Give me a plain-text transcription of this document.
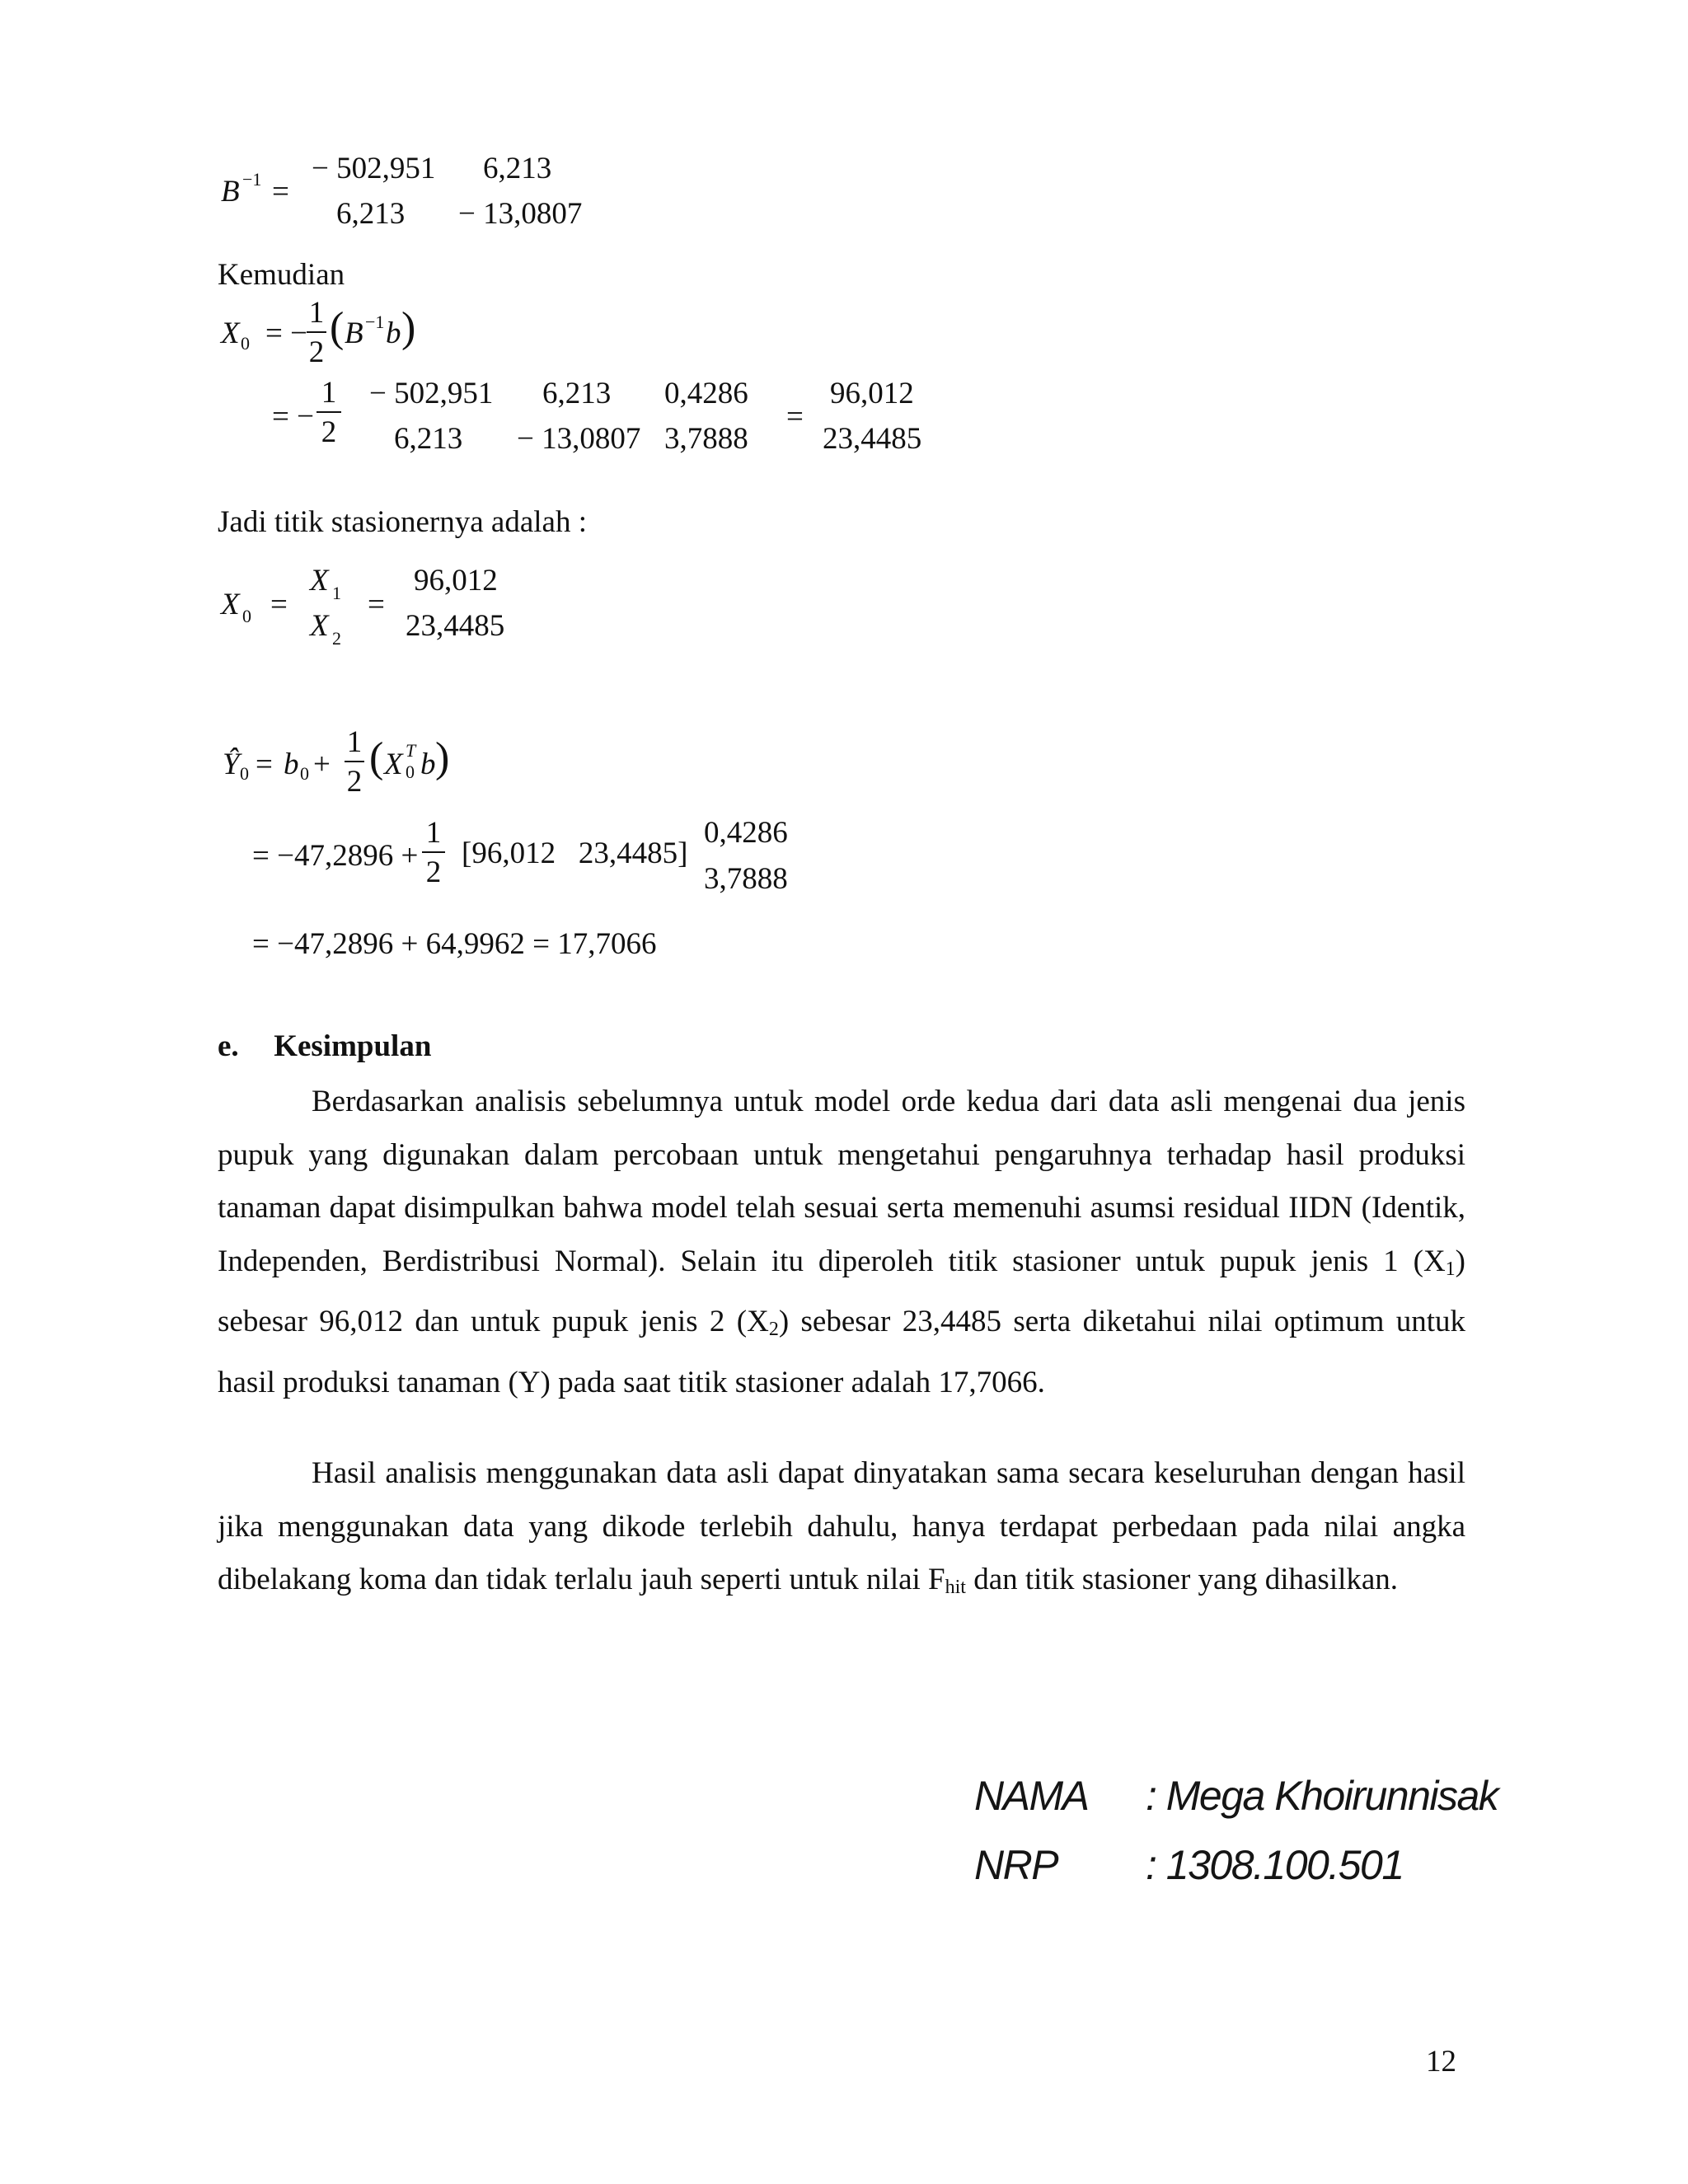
B −1 =
− 502,951 6,213
6,213 − 13,0807
Kemudian
X 0 = −
1
2
( B −1 b )
= −
1
2
− 502,951 6,213 0,4286
6,213 − 13,0807 3,7888
=
96,012
23,4485
Jadi titik stasionernya adalah :
X 0 =
X 1
X 2
=
96,012
23,4485
Ŷ 0 = b 0 +
1
2
( X T
0 b )
= −47,2896 +
1
2
[96,012   23,4485]
0,4286
3,7888
= −47,2896 + 64,9962 = 17,7066
e. Kesimpulan
Berdasarkan analisis sebelumnya untuk model orde kedua dari data asli mengenai dua jenis pupuk yang digunakan dalam percobaan untuk mengetahui pengaruhnya terhadap hasil produksi tanaman dapat disimpulkan bahwa model telah sesuai serta memenuhi asumsi residual IIDN (Identik, Independen, Berdistribusi Normal). Selain itu diperoleh titik stasioner untuk pupuk jenis 1 (X1) sebesar 96,012 dan untuk pupuk jenis 2 (X2) sebesar 23,4485 serta diketahui nilai optimum untuk hasil produksi tanaman (Y) pada saat titik stasioner adalah 17,7066.
Hasil analisis menggunakan data asli dapat dinyatakan sama secara keseluruhan dengan hasil jika menggunakan data yang dikode terlebih dahulu, hanya terdapat perbedaan pada nilai angka dibelakang koma dan tidak terlalu jauh seperti untuk nilai Fhit dan titik stasioner yang dihasilkan.
NAMA : Mega Khoirunnisak
NRP : 1308.100.501
12
